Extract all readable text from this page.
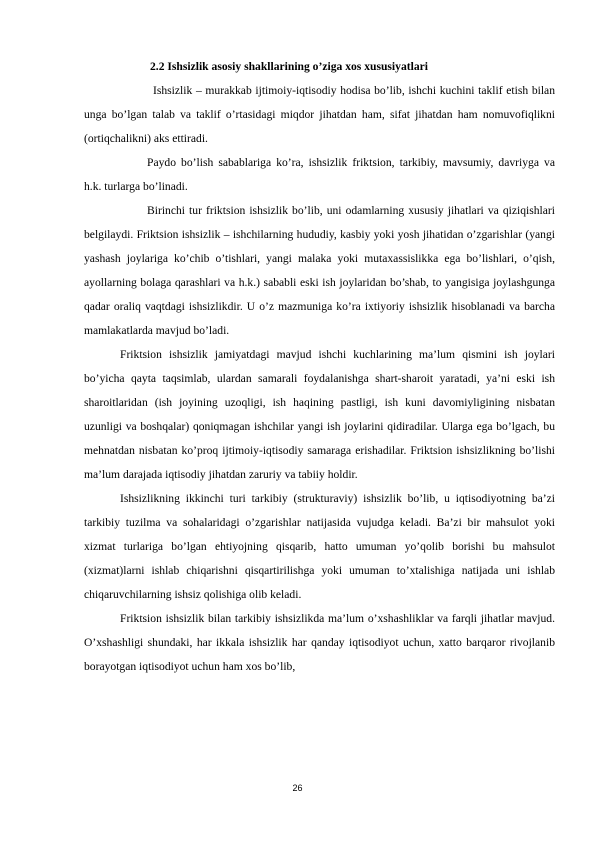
2.2 Ishsizlik asosiy shakllarining o’ziga xos xususiyatlari

Ishsizlik – murakkab ijtimoiy-iqtisodiy hodisa bo’lib, ishchi kuchini taklif etish bilan unga bo’lgan talab va taklif o’rtasidagi miqdor jihatdan ham, sifat jihatdan ham nomuvofiqlikni (ortiqchalikni) aks ettiradi.

Paydo bo’lish sabablariga ko’ra, ishsizlik friktsion, tarkibiy, mavsumiy, davriyga va h.k. turlarga bo’linadi.

Birinchi tur friktsion ishsizlik bo’lib, uni odamlarning xususiy jihatlari va qiziqishlari belgilaydi. Friktsion ishsizlik – ishchilarning hududiy, kasbiy yoki yosh jihatidan o’zgarishlar (yangi yashash joylariga ko’chib o’tishlari, yangi malaka yoki mutaxassislikka ega bo’lishlari, o’qish, ayollarning bolaga qarashlari va h.k.) sababli eski ish joylaridan bo’shab, to yangisiga joylashgunga qadar oraliq vaqtdagi ishsizlikdir. U o’z mazmuniga ko’ra ixtiyoriy ishsizlik hisoblanadi va barcha mamlakatlarda mavjud bo’ladi.

Friktsion ishsizlik jamiyatdagi mavjud ishchi kuchlarining ma’lum qismini ish joylari bo’yicha qayta taqsimlab, ulardan samarali foydalanishga shart-sharoit yaratadi, ya’ni eski ish sharoitlaridan (ish joyining uzoqligi, ish haqining pastligi, ish kuni davomiyligining nisbatan uzunligi va boshqalar) qoniqmagan ishchilar yangi ish joylarini qidiradilar. Ularga ega bo’lgach, bu mehnatdan nisbatan ko’proq ijtimoiy-iqtisodiy samaraga erishadilar. Friktsion ishsizlikning bo’lishi ma’lum darajada iqtisodiy jihatdan zaruriy va tabiiy holdir.

Ishsizlikning ikkinchi turi tarkibiy (strukturaviy) ishsizlik bo’lib, u iqtisodiyotning ba’zi tarkibiy tuzilma va sohalaridagi o’zgarishlar natijasida vujudga keladi. Ba’zi bir mahsulot yoki xizmat turlariga bo’lgan ehtiyojning qisqarib, hatto umuman yo’qolib borishi bu mahsulot (xizmat)larni ishlab chiqarishni qisqartirilishga yoki umuman to’xtalishiga natijada uni ishlab chiqaruvchilarning ishsiz qolishiga olib keladi.

Friktsion ishsizlik bilan tarkibiy ishsizlikda ma’lum o’xshashliklar va farqli jihatlar mavjud. O’xshashligi shundaki, har ikkala ishsizlik har qanday iqtisodiyot uchun, xatto barqaror rivojlanib borayotgan iqtisodiyot uchun ham xos bo’lib,

26
